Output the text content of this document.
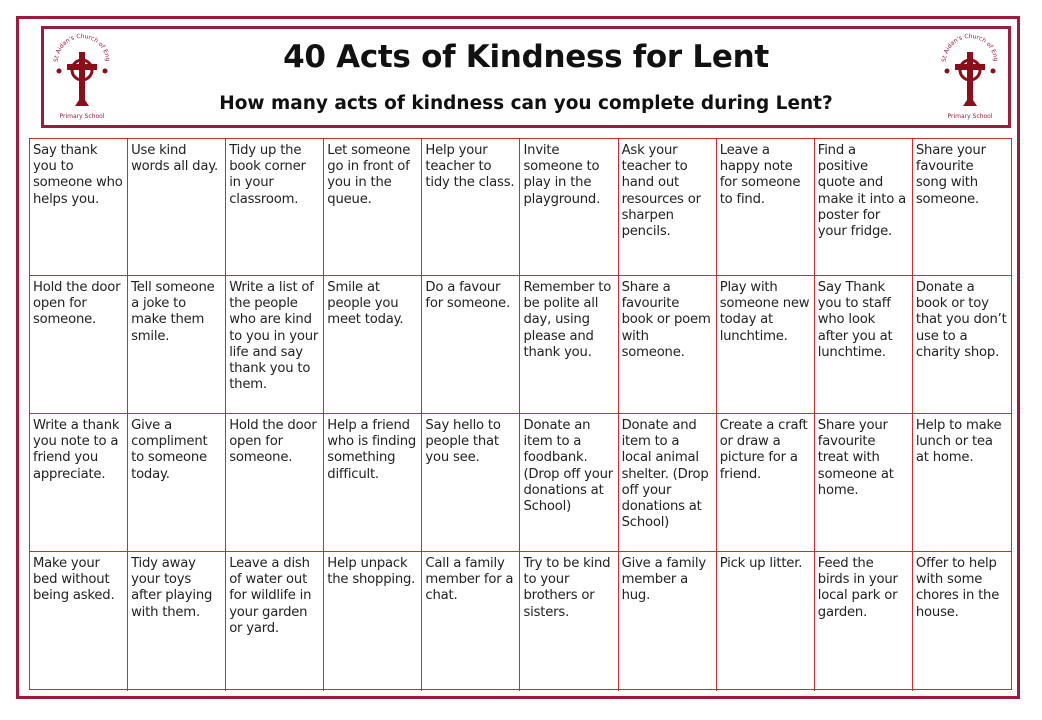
St Aidan's Church of Eng
Primary School
40 Acts of Kindness for Lent
How many acts of kindness can you complete during Lent?
St Aidan's Church of Eng
Primary School
Say thank you to someone who helps you.
Use kind words all day.
Tidy up the book corner in your classroom.
Let someone go in front of you in the queue.
Help your teacher to tidy the class.
Invite someone to play in the playground.
Ask your teacher to hand out resources or sharpen pencils.
Leave a happy note for someone to find.
Find a positive quote and make it into a poster for your fridge.
Share your favourite song with someone.
Hold the door open for someone.
Tell someone a joke to make them smile.
Write a list of the people who are kind to you in your life and say thank you to them.
Smile at people you meet today.
Do a favour for someone.
Remember to be polite all day, using please and thank you.
Share a favourite book or poem with someone.
Play with someone new today at lunchtime.
Say Thank you to staff who look after you at lunchtime.
Donate a book or toy that you don’t use to a charity shop.
Write a thank you note to a friend you appreciate.
Give a compliment to someone today.
Hold the door open for someone.
Help a friend who is finding something difficult.
Say hello to people that you see.
Donate an item to a foodbank. (Drop off your donations at School)
Donate and item to a local animal shelter. (Drop off your donations at School)
Create a craft or draw a picture for a friend.
Share your favourite treat with someone at home.
Help to make lunch or tea at home.
Make your bed without being asked.
Tidy away your toys after playing with them.
Leave a dish of water out for wildlife in your garden or yard.
Help unpack the shopping.
Call a family member for a chat.
Try to be kind to your brothers or sisters.
Give a family member a hug.
Pick up litter.	Feed the birds in your local park or garden.
Offer to help with some chores in the house.
